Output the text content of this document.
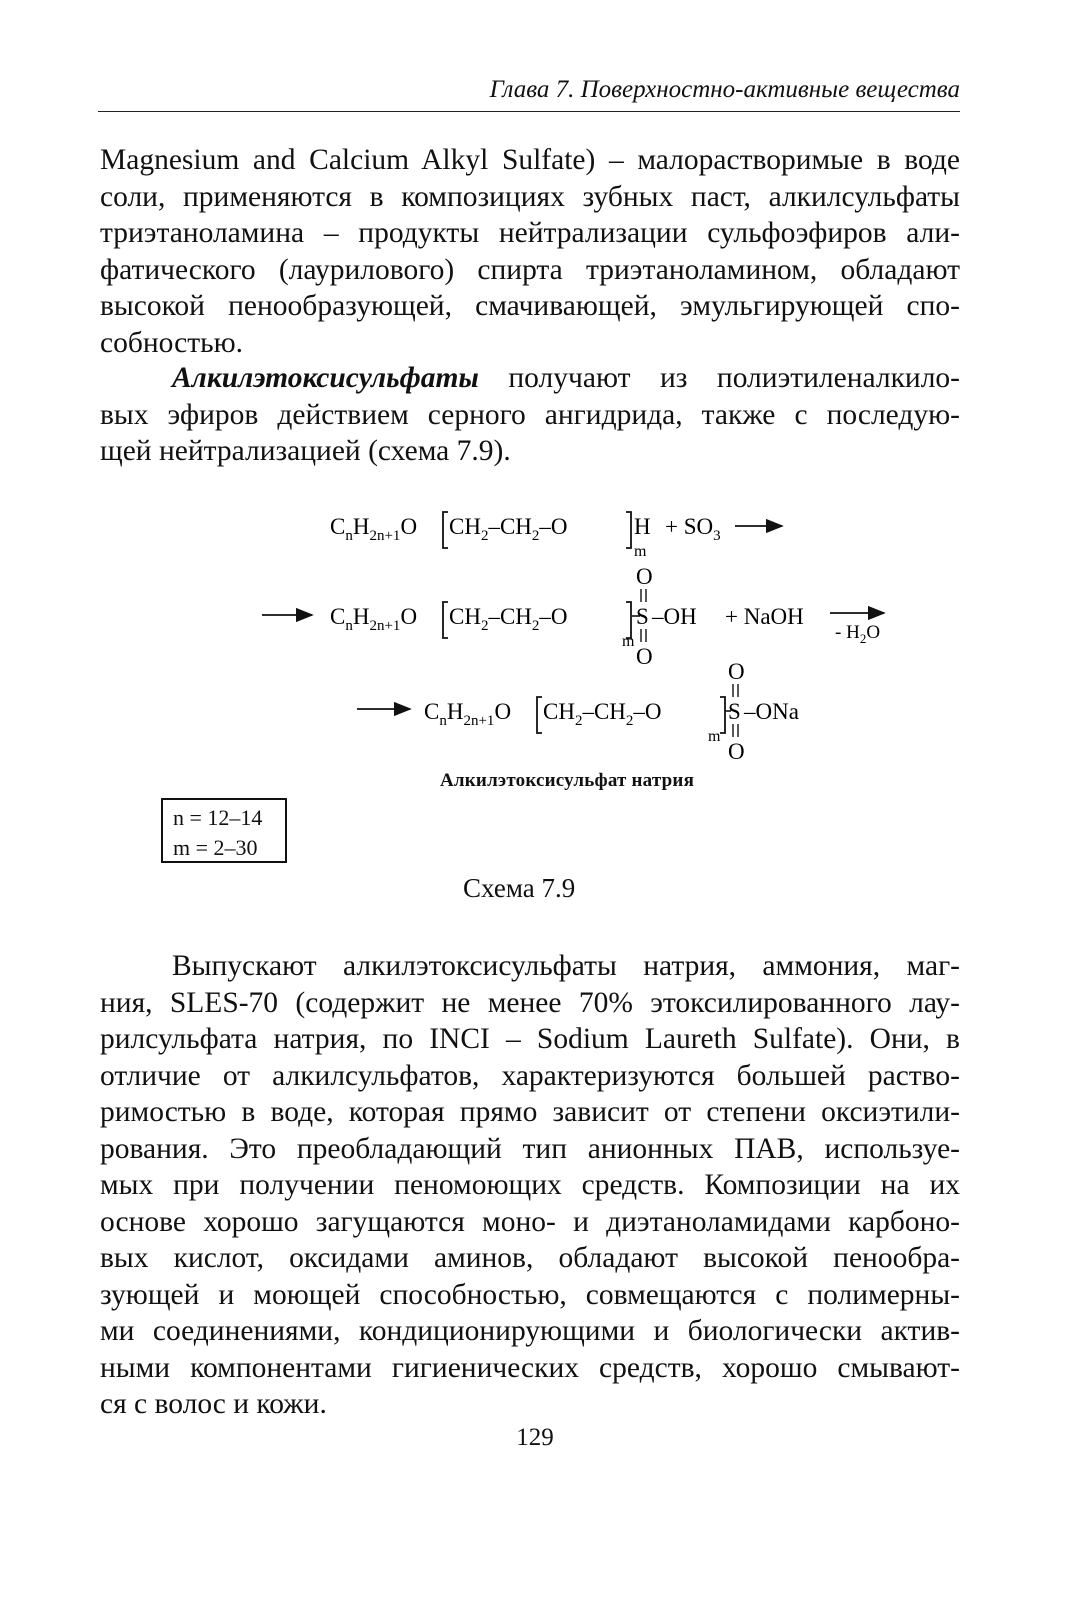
Глава 7. Поверхностно-активные вещества
Magnesium and Calcium Alkyl Sulfate) – малорастворимые в воде
соли, применяются в композициях зубных паст, алкилсульфаты
триэтаноламина – продукты нейтрализации сульфоэфиров али-
фатического (лаурилового) спирта триэтаноламином, обладают
высокой пенообразующей, смачивающей, эмульгирующей спо-
собностью.
Алкилэтоксисульфаты получают из полиэтиленалкило-
вых эфиров действием серного ангидрида, также с последую-
щей нейтрализацией (схема 7.9).
$C_nH_{2n+1}O$ $CH_2-CH_2-O$	H
m
+ $SO_3$
$C_nH_{2n+1}O$ $CH_2-CH_2-O$
m
O
S
O
–OH + NaOH
- $H_2O$
$C_nH_{2n+1}O$ $CH_2-CH_2-O$
m
O
S
O
–ONa
Алкилэтоксисульфат натрия
n = 12–14
m = 2–30
Схема 7.9
Выпускают алкилэтоксисульфаты натрия, аммония, маг-
ния, SLES-70 (содержит не менее 70% этоксилированного лау-
рилсульфата натрия, по INCI – Sodium Laureth Sulfate). Они, в
отличие от алкилсульфатов, характеризуются большей раство-
римостью в воде, которая прямо зависит от степени оксиэтили-
рования. Это преобладающий тип анионных ПАВ, используе-
мых при получении пеномоющих средств. Композиции на их
основе хорошо загущаются моно- и диэтаноламидами карбоно-
вых кислот, оксидами аминов, обладают высокой пенообра-
зующей и моющей способностью, совмещаются с полимерны-
ми соединениями, кондиционирующими и биологически актив-
ными компонентами гигиенических средств, хорошо смывают-
ся с волос и кожи.
129
